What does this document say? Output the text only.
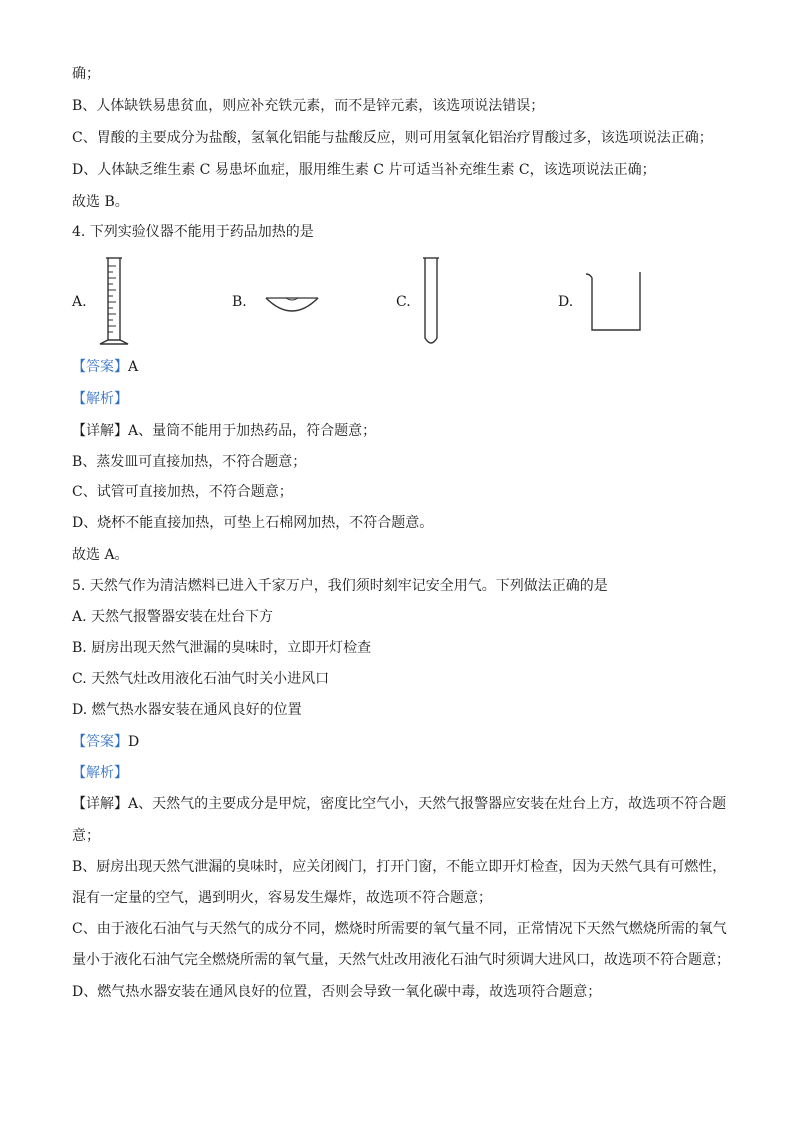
确；
B、人体缺铁易患贫血，则应补充铁元素，而不是锌元素，该选项说法错误；
C、胃酸的主要成分为盐酸，氢氧化铝能与盐酸反应，则可用氢氧化铝治疗胃酸过多，该选项说法正确；
D、人体缺乏维生素 C 易患坏血症，服用维生素 C 片可适当补充维生素 C，该选项说法正确；
故选 B。
4. 下列实验仪器不能用于药品加热的是
A.	B.	C.	D.
【答案】A
【解析】
【详解】A、量筒不能用于加热药品，符合题意；
B、蒸发皿可直接加热，不符合题意；
C、试管可直接加热，不符合题意；
D、烧杯不能直接加热，可垫上石棉网加热，不符合题意。
故选 A。
5. 天然气作为清洁燃料已进入千家万户，我们须时刻牢记安全用气。下列做法正确的是
A. 天然气报警器安装在灶台下方
B. 厨房出现天然气泄漏的臭味时，立即开灯检查
C. 天然气灶改用液化石油气时关小进风口
D. 燃气热水器安装在通风良好的位置
【答案】D
【解析】
【详解】A、天然气的主要成分是甲烷，密度比空气小，天然气报警器应安装在灶台上方，故选项不符合题
意；
B、厨房出现天然气泄漏的臭味时，应关闭阀门，打开门窗，不能立即开灯检查，因为天然气具有可燃性，
混有一定量的空气，遇到明火，容易发生爆炸，故选项不符合题意；
C、由于液化石油气与天然气的成分不同，燃烧时所需要的氧气量不同，正常情况下天然气燃烧所需的氧气
量小于液化石油气完全燃烧所需的氧气量，天然气灶改用液化石油气时须调大进风口，故选项不符合题意；
D、燃气热水器安装在通风良好的位置，否则会导致一氧化碳中毒，故选项符合题意；
